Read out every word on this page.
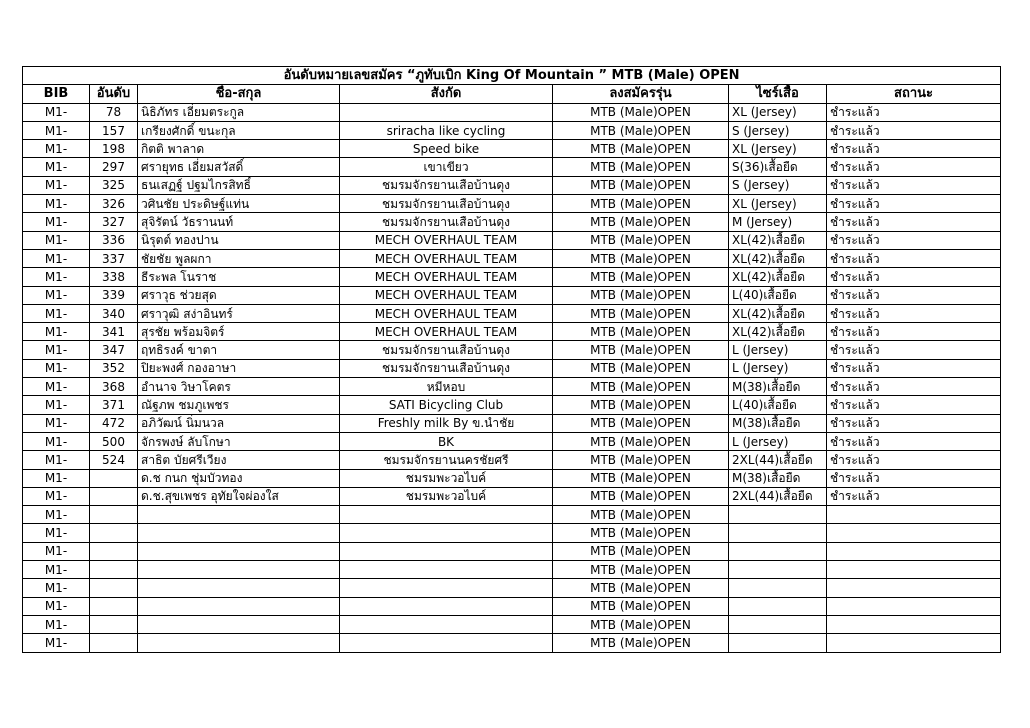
อันดับหมายเลขสมัคร “ภูทับเบิก King Of Mountain ” MTB (Male) OPEN						
BIB	อันดับ	ชื่อ-สกุล	สังกัด	ลงสมัครรุ่น	ไซร์เสื้อ	สถานะ
M1-	78	นิธิภัทร เอี่ยมตระกูล		MTB (Male)OPEN	XL (Jersey)	ชำระแล้ว
M1-	157	เกรียงศักดิ์ ขนะกุล	sriracha like cycling	MTB (Male)OPEN	S (Jersey)	ชำระแล้ว
M1-	198	กิตติ พาลาด	Speed bike	MTB (Male)OPEN	XL (Jersey)	ชำระแล้ว
M1-	297	ศรายุทธ เอี่ยมสวัสดิ์	เขาเขียว	MTB (Male)OPEN	S(36)เสื้อยืด	ชำระแล้ว
M1-	325	ธนเสฏฐ์ ปฐมไกรสิทธิ์	ชมรมจักรยานเสือบ้านดุง	MTB (Male)OPEN	S (Jersey)	ชำระแล้ว
M1-	326	วศินชัย ประดิษฐ์แท่น	ชมรมจักรยานเสือบ้านดุง	MTB (Male)OPEN	XL (Jersey)	ชำระแล้ว
M1-	327	สุจิรัตน์ วัธรานนท์	ชมรมจักรยานเสือบ้านดุง	MTB (Male)OPEN	M (Jersey)	ชำระแล้ว
M1-	336	นิรุตต์ ทองปาน	MECH OVERHAUL TEAM	MTB (Male)OPEN	XL(42)เสื้อยืด	ชำระแล้ว
M1-	337	ชัยชัย พูลผกา	MECH OVERHAUL TEAM	MTB (Male)OPEN	XL(42)เสื้อยืด	ชำระแล้ว
M1-	338	ธีระพล โนราช	MECH OVERHAUL TEAM	MTB (Male)OPEN	XL(42)เสื้อยืด	ชำระแล้ว
M1-	339	ศราวุธ ช่วยสุด	MECH OVERHAUL TEAM	MTB (Male)OPEN	L(40)เสื้อยืด	ชำระแล้ว
M1-	340	ศราวุฒิ สง่าอินทร์	MECH OVERHAUL TEAM	MTB (Male)OPEN	XL(42)เสื้อยืด	ชำระแล้ว
M1-	341	สุรชัย พร้อมจิตร์	MECH OVERHAUL TEAM	MTB (Male)OPEN	XL(42)เสื้อยืด	ชำระแล้ว
M1-	347	ฤทธิรงค์ ขาตา	ชมรมจักรยานเสือบ้านดุง	MTB (Male)OPEN	L (Jersey)	ชำระแล้ว
M1-	352	ปิยะพงศ์ กองอาษา	ชมรมจักรยานเสือบ้านดุง	MTB (Male)OPEN	L (Jersey)	ชำระแล้ว
M1-	368	อำนาจ วิษาโคตร	หมีหอบ	MTB (Male)OPEN	M(38)เสื้อยืด	ชำระแล้ว
M1-	371	ณัฐภพ ชมภูเพชร	SATI Bicycling Club	MTB (Male)OPEN	L(40)เสื้อยืด	ชำระแล้ว
M1-	472	อภิวัฒน์ นิ่มนวล	Freshly milk By ข.นำชัย	MTB (Male)OPEN	M(38)เสื้อยืด	ชำระแล้ว
M1-	500	จักรพงษ์ ลับโกษา	BK	MTB (Male)OPEN	L (Jersey)	ชำระแล้ว
M1-	524	สาธิต บัยศรีเวียง	ชมรมจักรยานนครชัยศรี	MTB (Male)OPEN	2XL(44)เสื้อยืด	ชำระแล้ว
M1-		ด.ช กนก ชุ่มบัวทอง	ชมรมพะวอไบค์	MTB (Male)OPEN	M(38)เสื้อยืด	ชำระแล้ว
M1-		ด.ช.สุขเพชร อุทัยใจผ่องใส	ชมรมพะวอไบค์	MTB (Male)OPEN	2XL(44)เสื้อยืด	ชำระแล้ว
M1-				MTB (Male)OPEN		
M1-				MTB (Male)OPEN		
M1-				MTB (Male)OPEN		
M1-				MTB (Male)OPEN		
M1-				MTB (Male)OPEN		
M1-				MTB (Male)OPEN		
M1-				MTB (Male)OPEN		
M1-				MTB (Male)OPEN		
